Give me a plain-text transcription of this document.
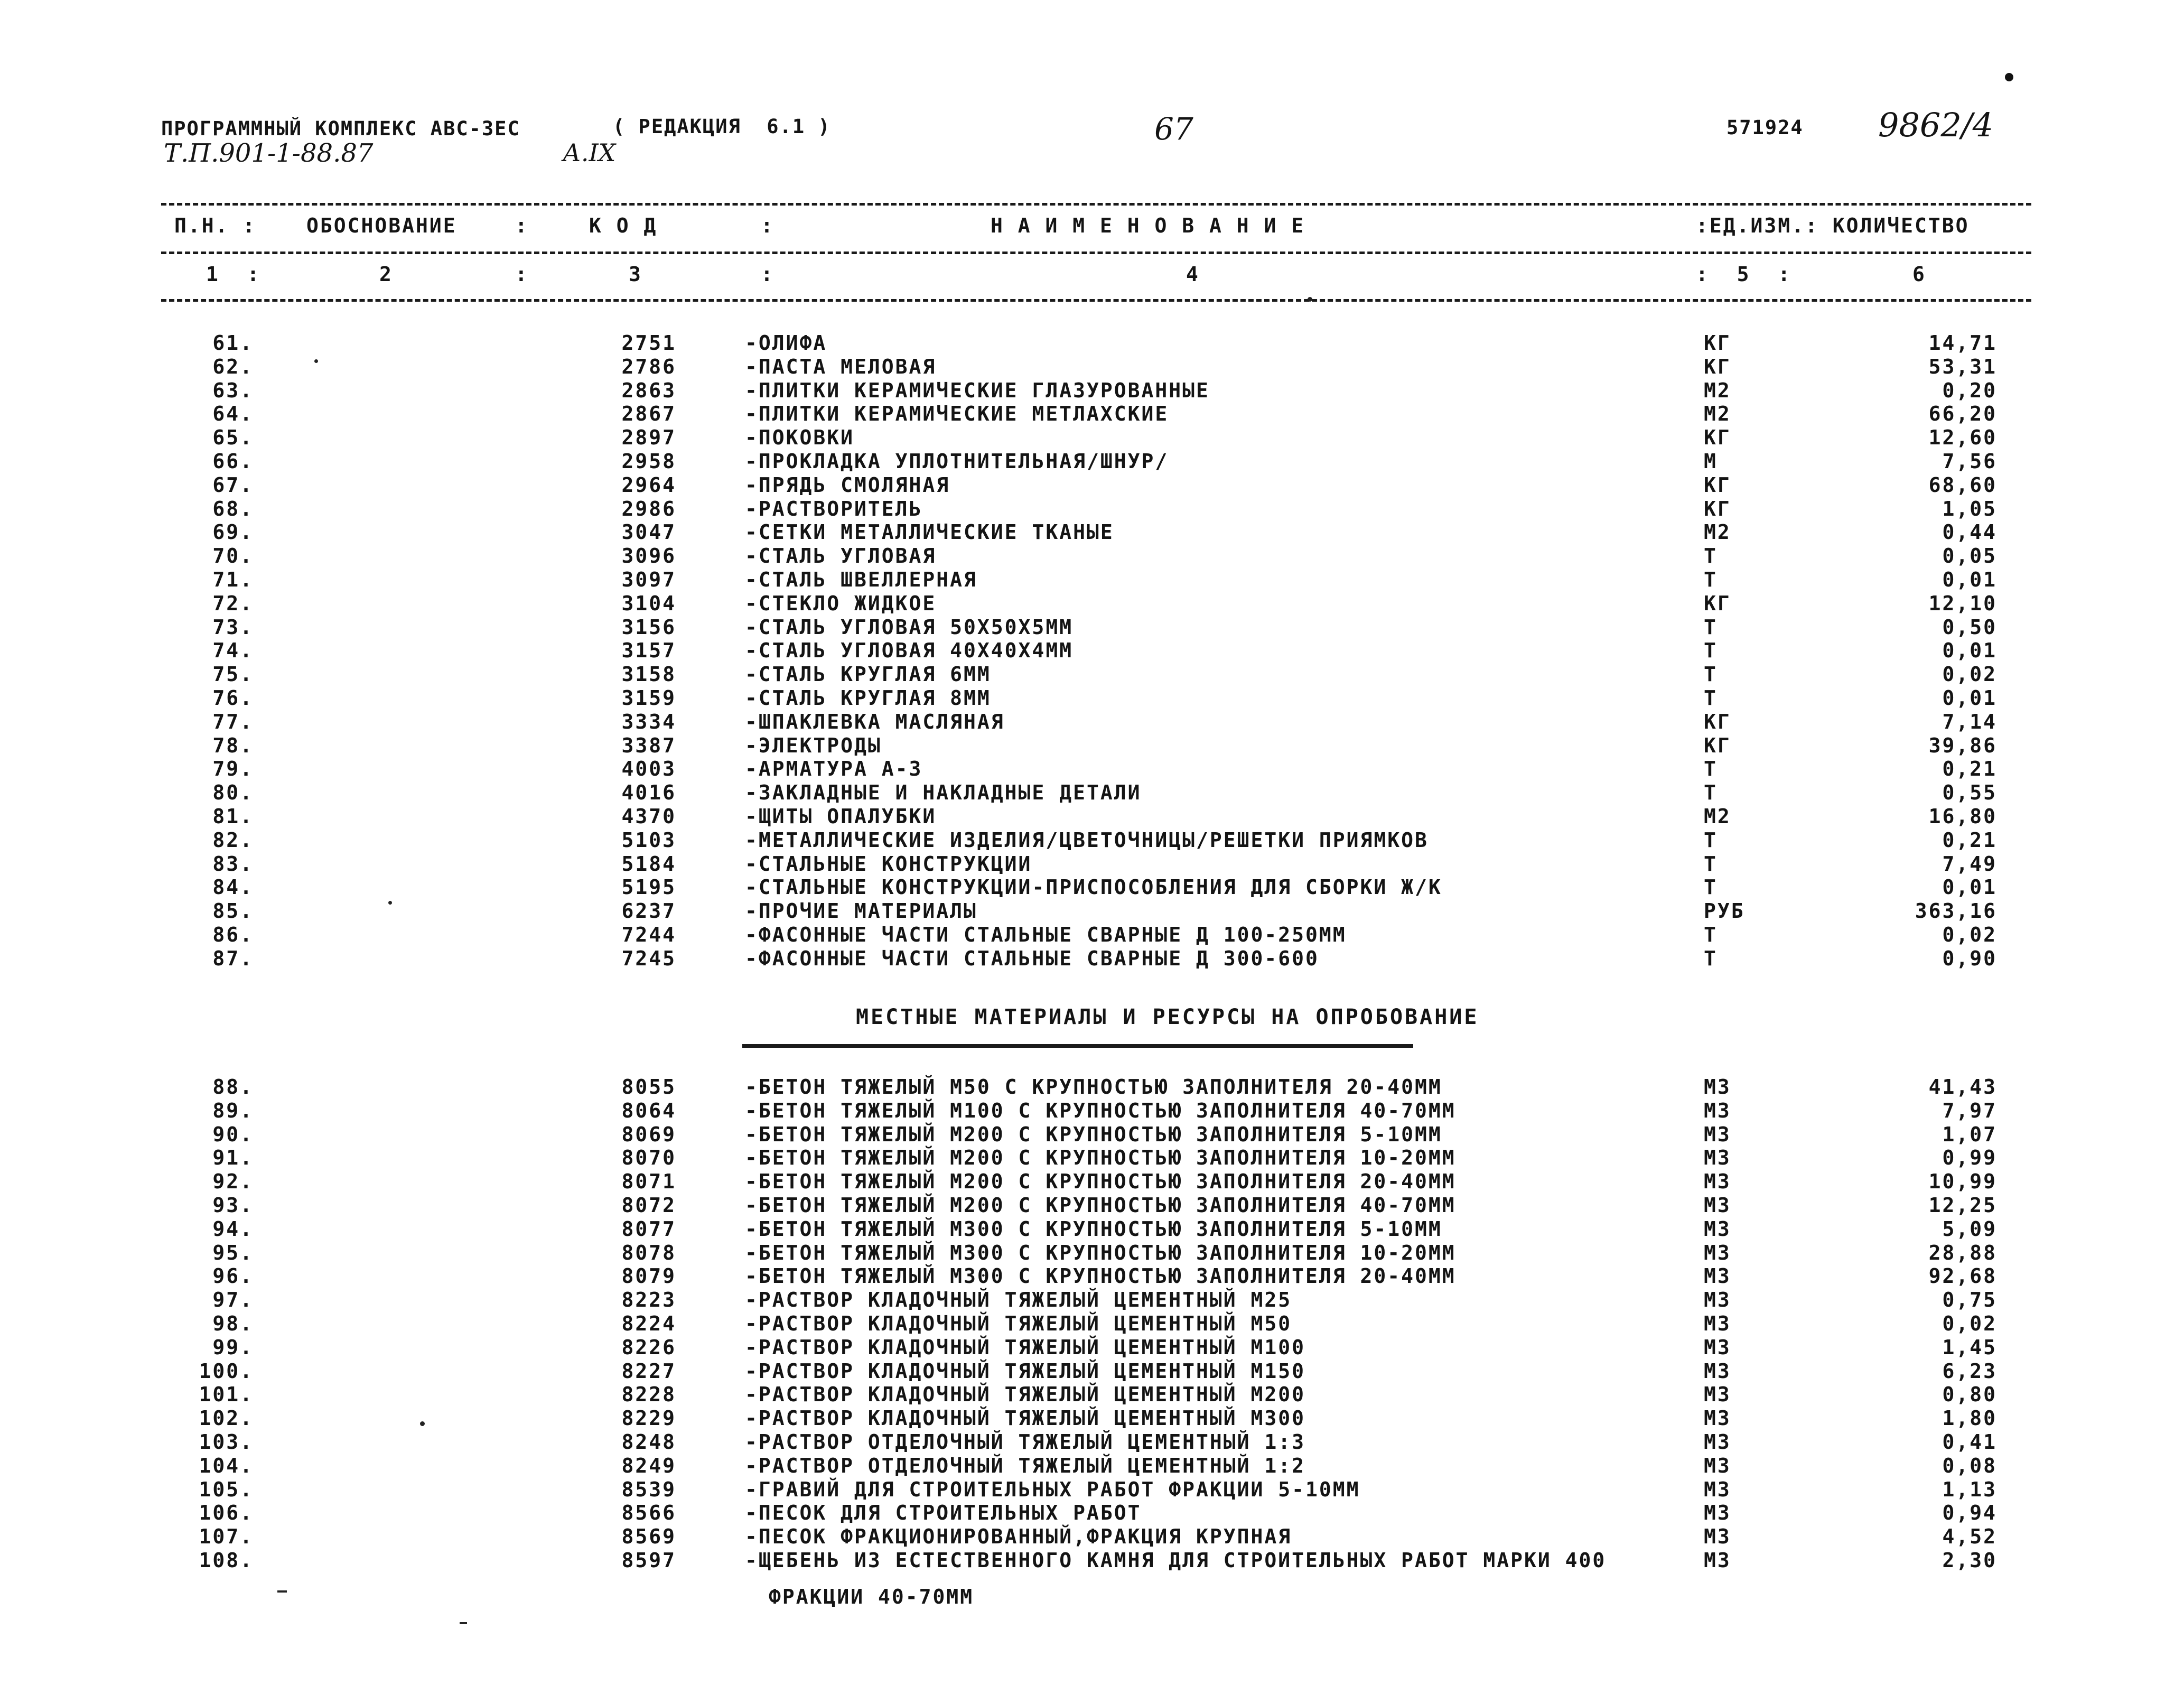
ПРОГРАММНЫЙ КОМПЛЕКС АВС-ЗЕС	( РЕДАКЦИЯ  6.1 )
Т.П.901-1-88.87	А.IX
67	571924 9862/4
П.Н. : ОБОСНОВАНИЕ	:	К О Д	:	Н А И М Е Н О В А Н И Е	:ЕД.ИЗМ.: КОЛИЧЕСТВО
1  :	2	:	3	:	4	:  5  :	6
61.	2751	-ОЛИФА	КГ	14,71
62.	2786	-ПАСТА МЕЛОВАЯ	КГ	53,31
63.	2863	-ПЛИТКИ КЕРАМИЧЕСКИЕ ГЛАЗУРОВАННЫЕ	М2	0,20
64.	2867	-ПЛИТКИ КЕРАМИЧЕСКИЕ МЕТЛАХСКИЕ	М2	66,20
65.	2897	-ПОКОВКИ	КГ	12,60
66.	2958	-ПРОКЛАДКА УПЛОТНИТЕЛЬНАЯ/ШНУР/	М	7,56
67.	2964	-ПРЯДЬ СМОЛЯНАЯ	КГ	68,60
68.	2986	-РАСТВОРИТЕЛЬ	КГ	1,05
69.	3047	-СЕТКИ МЕТАЛЛИЧЕСКИЕ ТКАНЫЕ	М2	0,44
70.	3096	-СТАЛЬ УГЛОВАЯ	Т	0,05
71.	3097	-СТАЛЬ ШВЕЛЛЕРНАЯ	Т	0,01
72.	3104	-СТЕКЛО ЖИДКОЕ	КГ	12,10
73.	3156	-СТАЛЬ УГЛОВАЯ 50Х50Х5ММ	Т	0,50
74.	3157	-СТАЛЬ УГЛОВАЯ 40Х40Х4ММ	Т	0,01
75.	3158	-СТАЛЬ КРУГЛАЯ 6ММ	Т	0,02
76.	3159	-СТАЛЬ КРУГЛАЯ 8ММ	Т	0,01
77.	3334	-ШПАКЛЕВКА МАСЛЯНАЯ	КГ	7,14
78.	3387	-ЭЛЕКТРОДЫ	КГ	39,86
79.	4003	-АРМАТУРА А-3	Т	0,21
80.	4016	-ЗАКЛАДНЫЕ И НАКЛАДНЫЕ ДЕТАЛИ	Т	0,55
81.	4370	-ЩИТЫ ОПАЛУБКИ	М2	16,80
82.	5103	-МЕТАЛЛИЧЕСКИЕ ИЗДЕЛИЯ/ЦВЕТОЧНИЦЫ/РЕШЕТКИ ПРИЯМКОВ	Т	0,21
83.	5184	-СТАЛЬНЫЕ КОНСТРУКЦИИ	Т	7,49
84.	5195	-СТАЛЬНЫЕ КОНСТРУКЦИИ-ПРИСПОСОБЛЕНИЯ ДЛЯ СБОРКИ Ж/К	Т	0,01
85.	6237	-ПРОЧИЕ МАТЕРИАЛЫ	РУБ	363,16
86.	7244	-ФАСОННЫЕ ЧАСТИ СТАЛЬНЫЕ СВАРНЫЕ Д 100-250ММ	Т	0,02
87.	7245	-ФАСОННЫЕ ЧАСТИ СТАЛЬНЫЕ СВАРНЫЕ Д 300-600	Т	0,90
МЕСТНЫЕ МАТЕРИАЛЫ И РЕСУРСЫ НА ОПРОБОВАНИЕ
88.	8055	-БЕТОН ТЯЖЕЛЫЙ М50 С КРУПНОСТЬЮ ЗАПОЛНИТЕЛЯ 20-40ММ	М3	41,43
89.	8064	-БЕТОН ТЯЖЕЛЫЙ М100 С КРУПНОСТЬЮ ЗАПОЛНИТЕЛЯ 40-70ММ	М3	7,97
90.	8069	-БЕТОН ТЯЖЕЛЫЙ М200 С КРУПНОСТЬЮ ЗАПОЛНИТЕЛЯ 5-10ММ	М3	1,07
91.	8070	-БЕТОН ТЯЖЕЛЫЙ М200 С КРУПНОСТЬЮ ЗАПОЛНИТЕЛЯ 10-20ММ	М3	0,99
92.	8071	-БЕТОН ТЯЖЕЛЫЙ М200 С КРУПНОСТЬЮ ЗАПОЛНИТЕЛЯ 20-40ММ	М3	10,99
93.	8072	-БЕТОН ТЯЖЕЛЫЙ М200 С КРУПНОСТЬЮ ЗАПОЛНИТЕЛЯ 40-70ММ	М3	12,25
94.	8077	-БЕТОН ТЯЖЕЛЫЙ М300 С КРУПНОСТЬЮ ЗАПОЛНИТЕЛЯ 5-10ММ	М3	5,09
95.	8078	-БЕТОН ТЯЖЕЛЫЙ М300 С КРУПНОСТЬЮ ЗАПОЛНИТЕЛЯ 10-20ММ	М3	28,88
96.	8079	-БЕТОН ТЯЖЕЛЫЙ М300 С КРУПНОСТЬЮ ЗАПОЛНИТЕЛЯ 20-40ММ	М3	92,68
97.	8223	-РАСТВОР КЛАДОЧНЫЙ ТЯЖЕЛЫЙ ЦЕМЕНТНЫЙ М25	М3	0,75
98.	8224	-РАСТВОР КЛАДОЧНЫЙ ТЯЖЕЛЫЙ ЦЕМЕНТНЫЙ М50	М3	0,02
99.	8226	-РАСТВОР КЛАДОЧНЫЙ ТЯЖЕЛЫЙ ЦЕМЕНТНЫЙ М100	М3	1,45
100.	8227	-РАСТВОР КЛАДОЧНЫЙ ТЯЖЕЛЫЙ ЦЕМЕНТНЫЙ М150	М3	6,23
101.	8228	-РАСТВОР КЛАДОЧНЫЙ ТЯЖЕЛЫЙ ЦЕМЕНТНЫЙ М200	М3	0,80
102.	8229	-РАСТВОР КЛАДОЧНЫЙ ТЯЖЕЛЫЙ ЦЕМЕНТНЫЙ М300	М3	1,80
103.	8248	-РАСТВОР ОТДЕЛОЧНЫЙ ТЯЖЕЛЫЙ ЦЕМЕНТНЫЙ 1:3	М3	0,41
104.	8249	-РАСТВОР ОТДЕЛОЧНЫЙ ТЯЖЕЛЫЙ ЦЕМЕНТНЫЙ 1:2	М3	0,08
105.	8539	-ГРАВИЙ ДЛЯ СТРОИТЕЛЬНЫХ РАБОТ ФРАКЦИИ 5-10ММ	М3	1,13
106.	8566	-ПЕСОК ДЛЯ СТРОИТЕЛЬНЫХ РАБОТ	М3	0,94
107.	8569	-ПЕСОК ФРАКЦИОНИРОВАННЫЙ,ФРАКЦИЯ КРУПНАЯ	М3	4,52
108.	8597	-ЩЕБЕНЬ ИЗ ЕСТЕСТВЕННОГО КАМНЯ ДЛЯ СТРОИТЕЛЬНЫХ РАБОТ МАРКИ 400	М3	2,30
ФРАКЦИИ 40-70ММ
